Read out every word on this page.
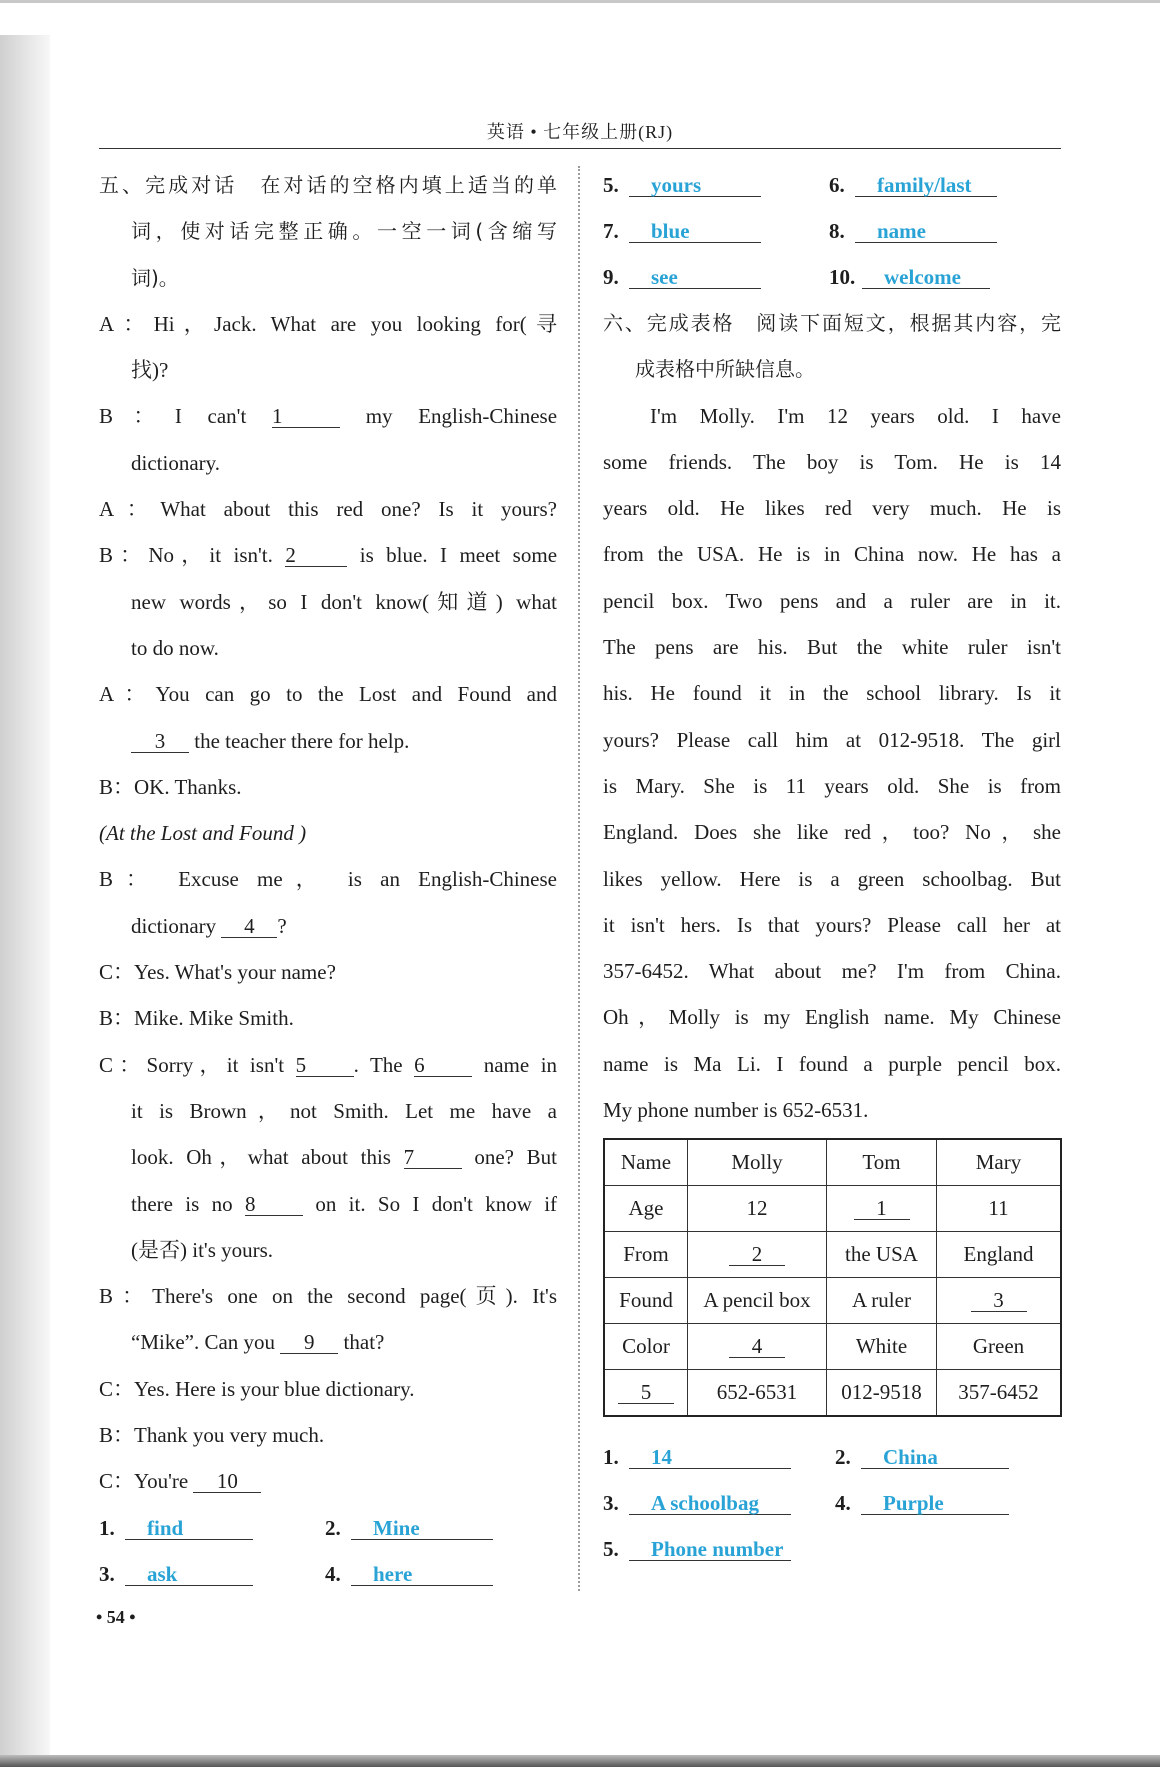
英语 • 七年级上册(RJ)
五、完成对话　在对话的空格内填上适当的单
词，使对话完整正确。一空一词(含缩写
词)。
A：Hi，Jack. What are you looking for(寻
找)?
B：I can't 1	my English-Chinese
dictionary.
A：What about this red one? Is it yours?
B：No，it isn't. 2	is blue. I meet some
new words，so I don't know(知道) what
to do now.
A：You can go to the Lost and Found and
3 the teacher there for help.
B：OK. Thanks.
(At the Lost and Found )
B： Excuse me， is an English-Chinese
dictionary 4 ?
C：Yes. What's your name?
B：Mike. Mike Smith.
C：Sorry，it isn't 5 . The 6	name in
it is Brown，not Smith. Let me have a
look. Oh，what about this 7	one? But
there is no 8	on it. So I don't know if
(是否) it's yours.
B：There's one on the second page(页). It's
“Mike”. Can you 9 that?
C：Yes. Here is your blue dictionary.
B：Thank you very much.
C：You're 10
1. find	2. Mine
3. ask	4. here
5. yours	6. family/last
7. blue	8. name
9. see	10. welcome
六、完成表格　阅读下面短文，根据其内容，完
成表格中所缺信息。
I'm Molly. I'm 12 years old. I have
some friends. The boy is Tom. He is 14
years old. He likes red very much. He is
from the USA. He is in China now. He has a
pencil box. Two pens and a ruler are in it.
The pens are his. But the white ruler isn't
his. He found it in the school library. Is it
yours? Please call him at 012-9518. The girl
is Mary. She is 11 years old. She is from
England. Does she like red，too? No，she
likes yellow. Here is a green schoolbag. But
it isn't hers. Is that yours? Please call her at
357-6452. What about me? I'm from China.
Oh，Molly is my English name. My Chinese
name is Ma Li. I found a purple pencil box.
My phone number is 652-6531.
Name	Molly	Tom	Mary
Age	12	1	11
From	2	the USA	England
Found	A pencil box	A ruler	3
Color	4	White	Green
5	652-6531	012-9518	357-6452
1. 14	2. China
3. A schoolbag	4. Purple
5. Phone number
• 54 •
